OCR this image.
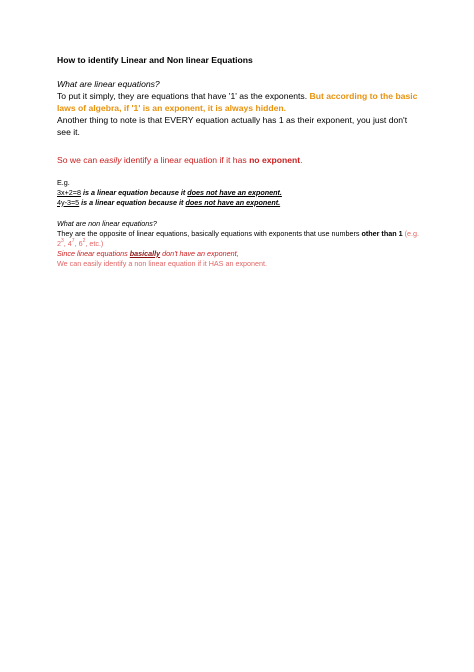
How to identify Linear and Non linear Equations

What are linear equations?

To put it simply, they are equations that have '1' as the exponents. But according to the basic laws of algebra, if '1' is an exponent, it is always hidden.

Another thing to note is that EVERY equation actually has 1 as their exponent, you just don't see it.

So we can easily identify a linear equation if it has no exponent.

E.g.

3x+2=8 is a linear equation because it does not have an exponent.

4y-3=5 is a linear equation because it does not have an exponent.

What are non linear equations?

They are the opposite of linear equations, basically equations with exponents that use numbers other than 1 (e.g. $2^3$, $4^7$, $6^2$, etc.)

Since linear equations basically don't have an exponent,

We can easily identify a non linear equation if it HAS an exponent.
